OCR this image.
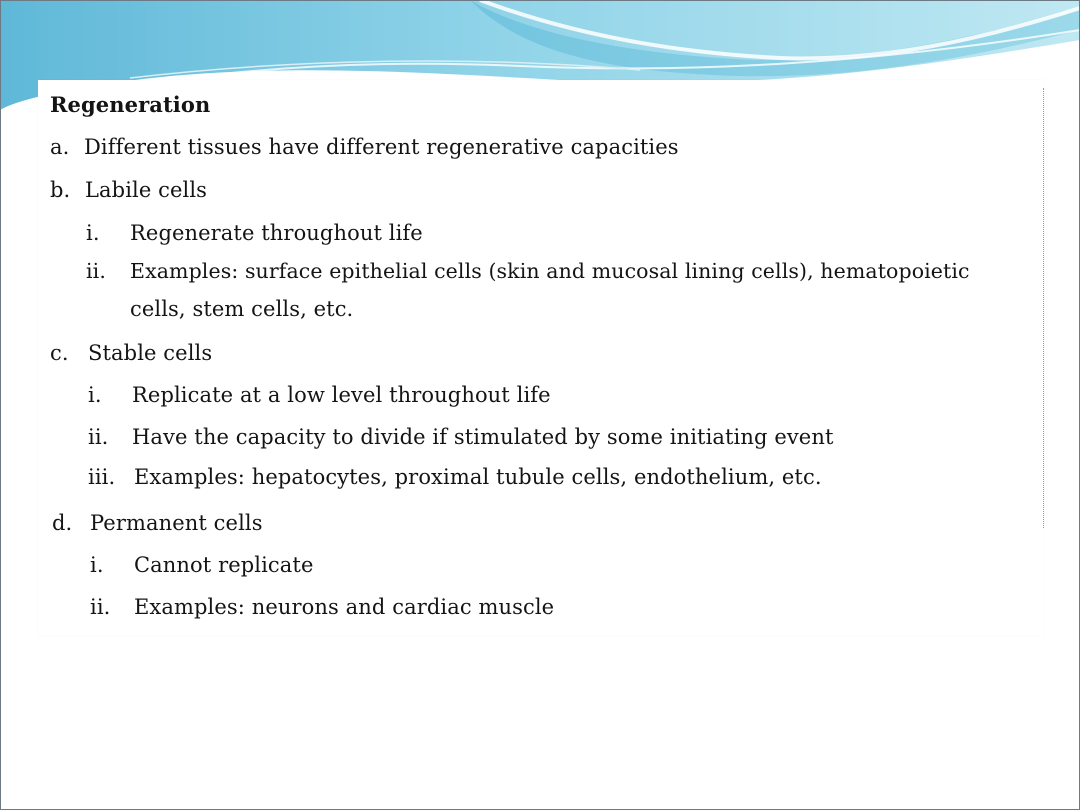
Regeneration
a. Different tissues have different regenerative capacities
b. Labile cells
i. Regenerate throughout life
ii. Examples: surface epithelial cells (skin and mucosal lining cells), hematopoietic
cells, stem cells, etc.
c. Stable cells
i. Replicate at a low level throughout life
ii. Have the capacity to divide if stimulated by some initiating event
iii. Examples: hepatocytes, proximal tubule cells, endothelium, etc.
d. Permanent cells
i. Cannot replicate
ii. Examples: neurons and cardiac muscle
